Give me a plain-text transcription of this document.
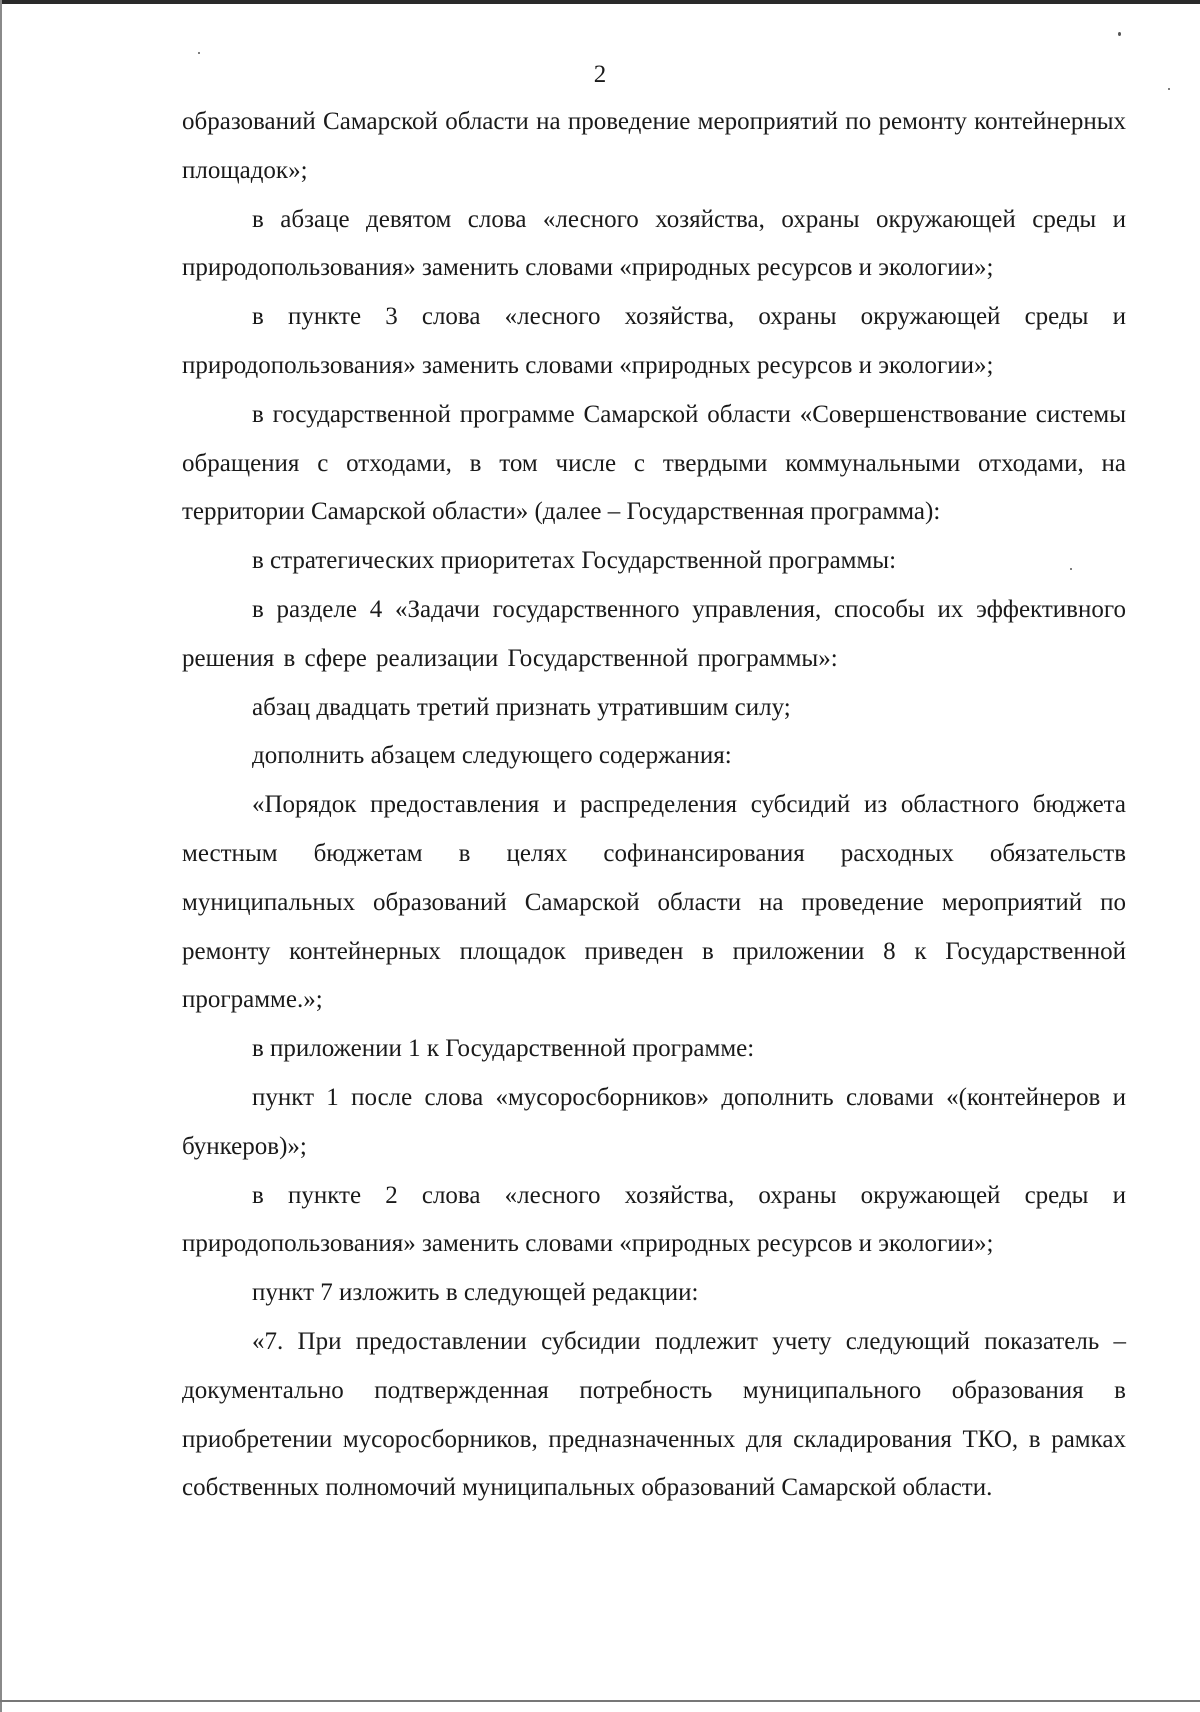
2

образований Самарской области на проведение мероприятий по ремонту контейнерных площадок»;

в абзаце девятом слова «лесного хозяйства, охраны окружающей среды и природопользования» заменить словами «природных ресурсов и экологии»;

в пункте 3 слова «лесного хозяйства, охраны окружающей среды и природопользования» заменить словами «природных ресурсов и экологии»;

в государственной программе Самарской области «Совершенствование системы обращения с отходами, в том числе с твердыми коммунальными отходами, на территории Самарской области» (далее – Государственная программа):

в стратегических приоритетах Государственной программы:

в разделе 4 «Задачи государственного управления, способы их эффективного решения в сфере реализации Государственной программы»:

абзац двадцать третий признать утратившим силу;

дополнить абзацем следующего содержания:

«Порядок предоставления и распределения субсидий из областного бюджета местным бюджетам в целях софинансирования расходных обязательств муниципальных образований Самарской области на проведение мероприятий по ремонту контейнерных площадок приведен в приложении 8 к Государственной программе.»;

в приложении 1 к Государственной программе:

пункт 1 после слова «мусоросборников» дополнить словами «(контейнеров и бункеров)»;

в пункте 2 слова «лесного хозяйства, охраны окружающей среды и природопользования» заменить словами «природных ресурсов и экологии»;

пункт 7 изложить в следующей редакции:

«7. При предоставлении субсидии подлежит учету следующий показатель – документально подтвержденная потребность муниципального образования в приобретении мусоросборников, предназначенных для складирования ТКО, в рамках собственных полномочий муниципальных образований Самарской области.
